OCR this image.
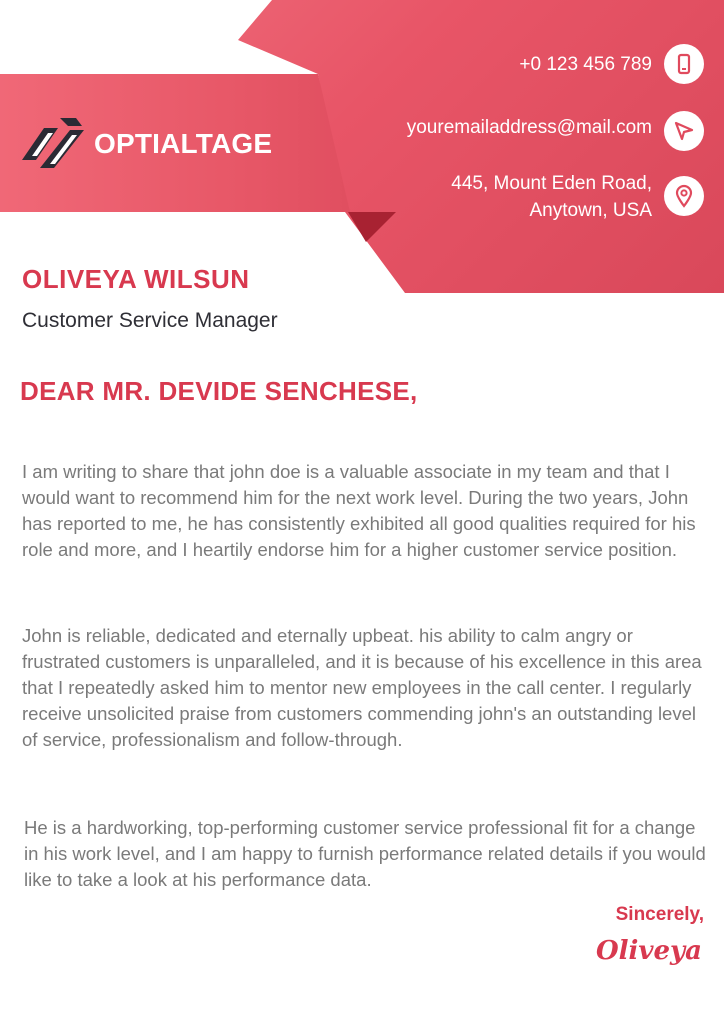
OPTIALTAGE
+0 123 456 789
youremailaddress@mail.com
445, Mount Eden Road,
Anytown, USA
OLIVEYA WILSUN
Customer Service Manager
DEAR MR. DEVIDE SENCHESE,

I am writing to share that john doe is a valuable associate in my team and that I would want to recommend him for the next work level. During the two years, John has reported to me, he has consistently exhibited all good qualities required for his role and more, and I heartily endorse him for a higher customer service position.

John is reliable, dedicated and eternally upbeat. his ability to calm angry or frustrated customers is unparalleled, and it is because of his excellence in this area that I repeatedly asked him to mentor new employees in the call center. I regularly receive unsolicited praise from customers commending john's an outstanding level of service, professionalism and follow-through.

He is a hardworking, top-performing customer service professional fit for a change in his work level, and I am happy to furnish performance related details if you would like to take a look at his performance data.

Sincerely,
Oliveya
